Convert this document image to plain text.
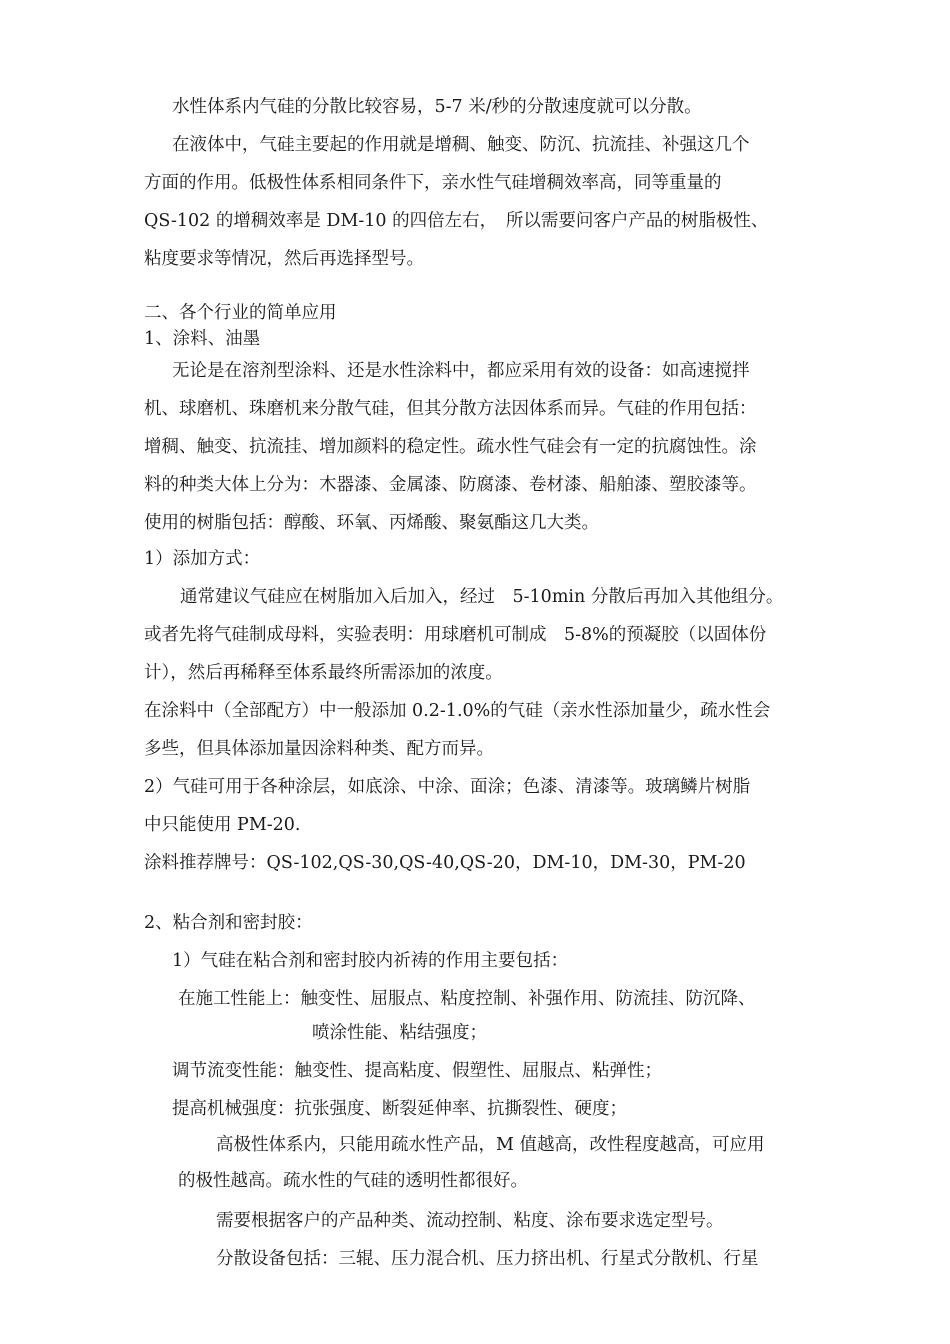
水性体系内气硅的分散比较容易，5-7 米/秒的分散速度就可以分散。
在液体中，气硅主要起的作用就是增稠、触变、防沉、抗流挂、补强这几个
方面的作用。低极性体系相同条件下，亲水性气硅增稠效率高，同等重量的
QS-102 的增稠效率是 DM-10 的四倍左右，　所以需要问客户产品的树脂极性、
粘度要求等情况，然后再选择型号。
二、各个行业的简单应用
1、涂料、油墨
无论是在溶剂型涂料、还是水性涂料中，都应采用有效的设备：如高速搅拌
机、球磨机、珠磨机来分散气硅，但其分散方法因体系而异。气硅的作用包括：
增稠、触变、抗流挂、增加颜料的稳定性。疏水性气硅会有一定的抗腐蚀性。涂
料的种类大体上分为：木器漆、金属漆、防腐漆、卷材漆、船舶漆、塑胶漆等。
使用的树脂包括：醇酸、环氧、丙烯酸、聚氨酯这几大类。
1）添加方式：
通常建议气硅应在树脂加入后加入，经过　5-10min 分散后再加入其他组分。
或者先将气硅制成母料，实验表明：用球磨机可制成　5-8%的预凝胶（以固体份
计），然后再稀释至体系最终所需添加的浓度。
在涂料中（全部配方）中一般添加 0.2-1.0%的气硅（亲水性添加量少，疏水性会
多些，但具体添加量因涂料种类、配方而异。
2）气硅可用于各种涂层，如底涂、中涂、面涂；色漆、清漆等。玻璃鳞片树脂
中只能使用 PM-20.
涂料推荐牌号：QS-102,QS-30,QS-40,QS-20，DM-10，DM-30，PM-20
2、粘合剂和密封胶：
1）气硅在粘合剂和密封胶内祈祷的作用主要包括：
在施工性能上：触变性、屈服点、粘度控制、补强作用、防流挂、防沉降、
喷涂性能、粘结强度；
调节流变性能：触变性、提高粘度、假塑性、屈服点、粘弹性；
提高机械强度：抗张强度、断裂延伸率、抗撕裂性、硬度；
高极性体系内，只能用疏水性产品，M 值越高，改性程度越高，可应用
的极性越高。疏水性的气硅的透明性都很好。
需要根据客户的产品种类、流动控制、粘度、涂布要求选定型号。
分散设备包括：三辊、压力混合机、压力挤出机、行星式分散机、行星
